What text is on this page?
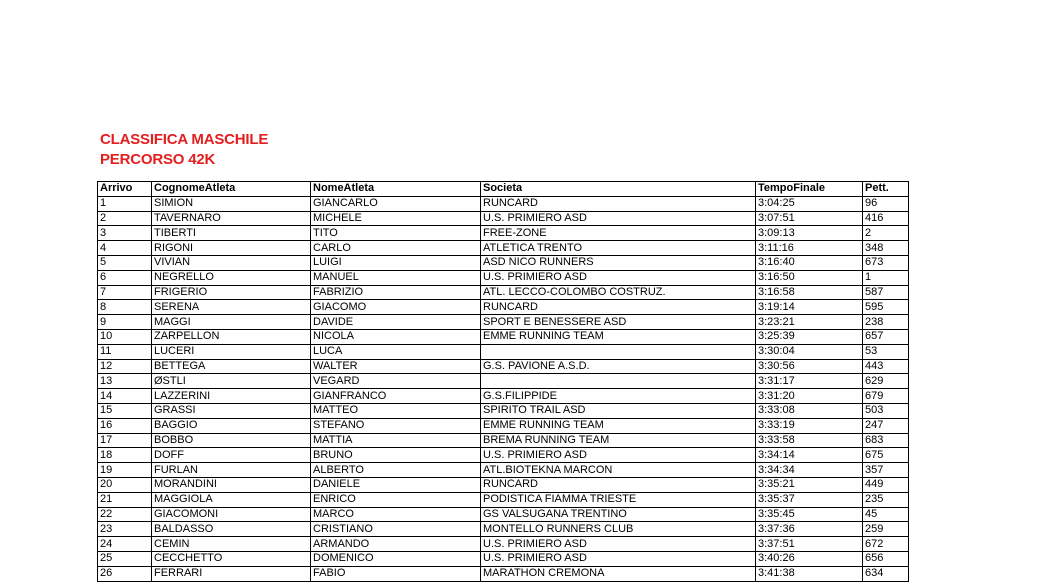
CLASSIFICA MASCHILE
PERCORSO 42K
Arrivo	CognomeAtleta	NomeAtleta	Societa	TempoFinale	Pett.
1	SIMION	GIANCARLO	RUNCARD	3:04:25	96
2	TAVERNARO	MICHELE	U.S. PRIMIERO ASD	3:07:51	416
3	TIBERTI	TITO	FREE-ZONE	3:09:13	2
4	RIGONI	CARLO	ATLETICA TRENTO	3:11:16	348
5	VIVIAN	LUIGI	ASD NICO RUNNERS	3:16:40	673
6	NEGRELLO	MANUEL	U.S. PRIMIERO ASD	3:16:50	1
7	FRIGERIO	FABRIZIO	ATL. LECCO-COLOMBO COSTRUZ.	3:16:58	587
8	SERENA	GIACOMO	RUNCARD	3:19:14	595
9	MAGGI	DAVIDE	SPORT E BENESSERE ASD	3:23:21	238
10	ZARPELLON	NICOLA	EMME RUNNING TEAM	3:25:39	657
11	LUCERI	LUCA		3:30:04	53
12	BETTEGA	WALTER	G.S. PAVIONE A.S.D.	3:30:56	443
13	ØSTLI	VEGARD		3:31:17	629
14	LAZZERINI	GIANFRANCO	G.S.FILIPPIDE	3:31:20	679
15	GRASSI	MATTEO	SPIRITO TRAIL ASD	3:33:08	503
16	BAGGIO	STEFANO	EMME RUNNING TEAM	3:33:19	247
17	BOBBO	MATTIA	BREMA RUNNING TEAM	3:33:58	683
18	DOFF	BRUNO	U.S. PRIMIERO ASD	3:34:14	675
19	FURLAN	ALBERTO	ATL.BIOTEKNA MARCON	3:34:34	357
20	MORANDINI	DANIELE	RUNCARD	3:35:21	449
21	MAGGIOLA	ENRICO	PODISTICA FIAMMA TRIESTE	3:35:37	235
22	GIACOMONI	MARCO	GS VALSUGANA TRENTINO	3:35:45	45
23	BALDASSO	CRISTIANO	MONTELLO RUNNERS CLUB	3:37:36	259
24	CEMIN	ARMANDO	U.S. PRIMIERO ASD	3:37:51	672
25	CECCHETTO	DOMENICO	U.S. PRIMIERO ASD	3:40:26	656
26	FERRARI	FABIO	MARATHON CREMONA	3:41:38	634
